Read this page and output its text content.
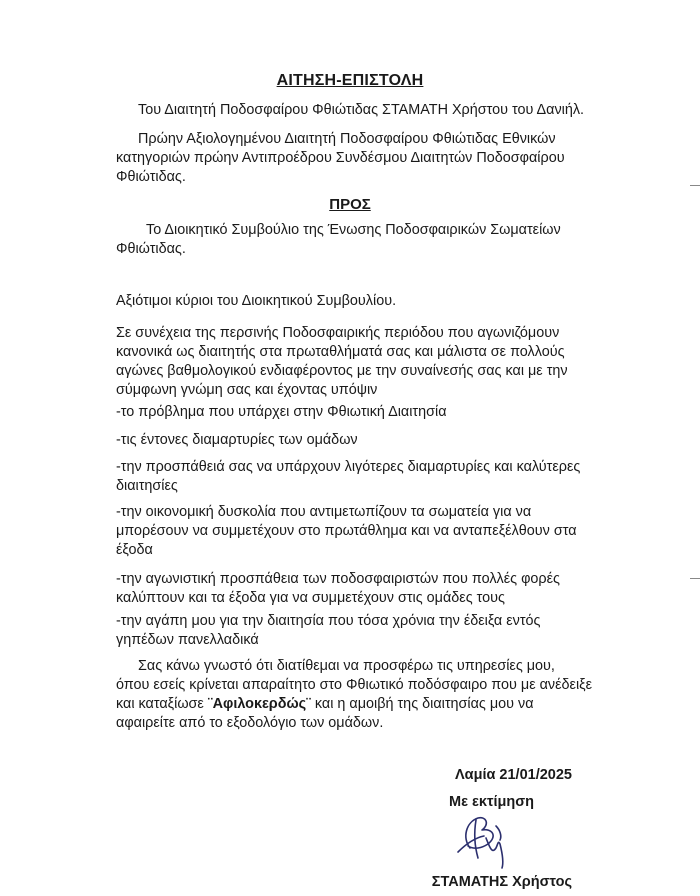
ΑΙΤΗΣΗ-ΕΠΙΣΤΟΛΗ

Του Διαιτητή Ποδοσφαίρου Φθιώτιδας ΣΤΑΜΑΤΗ Χρήστου του Δανιήλ.

Πρώην Αξιολογημένου Διαιτητή Ποδοσφαίρου Φθιώτιδας Εθνικών κατηγοριών πρώην Αντιπροέδρου Συνδέσμου Διαιτητών Ποδοσφαίρου Φθιώτιδας.

ΠΡΟΣ

Το Διοικητικό Συμβούλιο της Ένωσης Ποδοσφαιρικών Σωματείων Φθιώτιδας.

Αξιότιμοι κύριοι του Διοικητικού Συμβουλίου.

Σε συνέχεια της περσινής Ποδοσφαιρικής περιόδου που αγωνιζόμουν κανονικά ως διαιτητής στα πρωταθλήματά σας και μάλιστα σε πολλούς αγώνες βαθμολογικού ενδιαφέροντος με την συναίνεσής σας και με την σύμφωνη γνώμη σας και έχοντας υπόψιν

-το πρόβλημα που υπάρχει στην Φθιωτική Διαιτησία

-τις έντονες διαμαρτυρίες των ομάδων

-την προσπάθειά σας να υπάρχουν λιγότερες διαμαρτυρίες και καλύτερες διαιτησίες

-την οικονομική δυσκολία που αντιμετωπίζουν τα σωματεία για να μπορέσουν να συμμετέχουν στο πρωτάθλημα και να ανταπεξέλθουν στα έξοδα

-την αγωνιστική προσπάθεια των ποδοσφαιριστών που πολλές φορές καλύπτουν και τα έξοδα για να συμμετέχουν στις ομάδες τους

-την αγάπη μου για την διαιτησία που τόσα χρόνια την έδειξα εντός γηπέδων πανελλαδικά

Σας κάνω γνωστό ότι διατίθεμαι να προσφέρω τις υπηρεσίες μου, όπου εσείς κρίνεται απαραίτητο στο Φθιωτικό ποδόσφαιρο που με ανέδειξε και καταξίωσε ¨Αφιλοκερδώς¨ και η αμοιβή της διαιτησίας μου να αφαιρείτε από το εξοδολόγιο των ομάδων.

Λαμία 21/01/2025
Με εκτίμηση
ΣΤΑΜΑΤΗΣ Χρήστος
